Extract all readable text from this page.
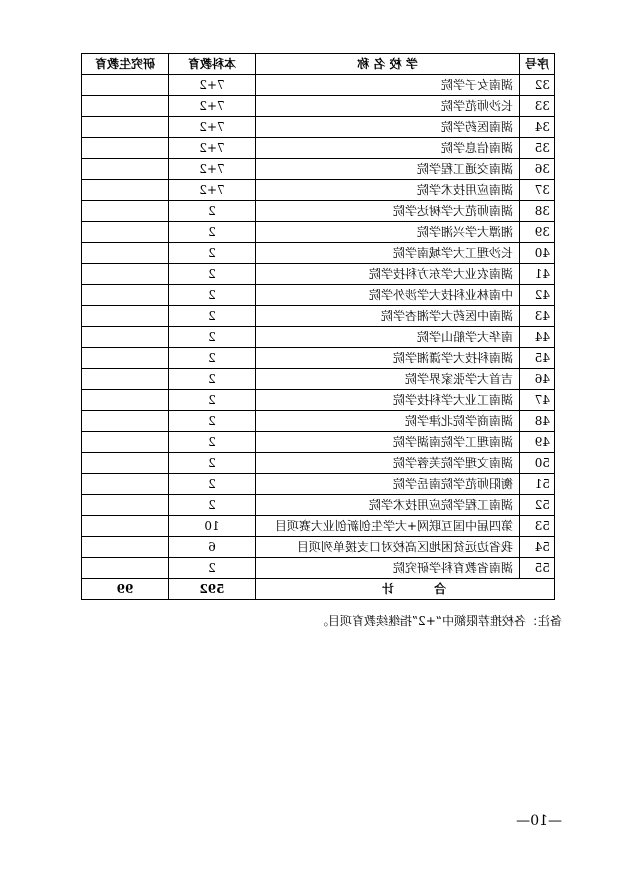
序号	学 校 名 称	本科教育	研究生教育
32	湖南女子学院	7+2	
33	长沙师范学院	7+2	
34	湖南医药学院	7+2	
35	湖南信息学院	7+2	
36	湖南交通工程学院	7+2	
37	湖南应用技术学院	7+2	
38	湖南师范大学树达学院	2	
39	湘潭大学兴湘学院	2	
40	长沙理工大学城南学院	2	
41	湖南农业大学东方科技学院	2	
42	中南林业科技大学涉外学院	2	
43	湖南中医药大学湘杏学院	2	
44	南华大学船山学院	2	
45	湖南科技大学潇湘学院	2	
46	吉首大学张家界学院	2	
47	湖南工业大学科技学院	2	
48	湖南商学院北津学院	2	
49	湖南理工学院南湖学院	2	
50	湖南文理学院芙蓉学院	2	
51	衡阳师范学院南岳学院	2	
52	湖南工程学院应用技术学院	2	
53	第四届中国互联网+大学生创新创业大赛项目	10	
54	我省边远贫困地区高校对口支援单列项目	6	
55	湖南省教育科学研究院	2	
合 计		592	99
备注：各校推荐限额中“+2”指继续教育项目。
—10—
